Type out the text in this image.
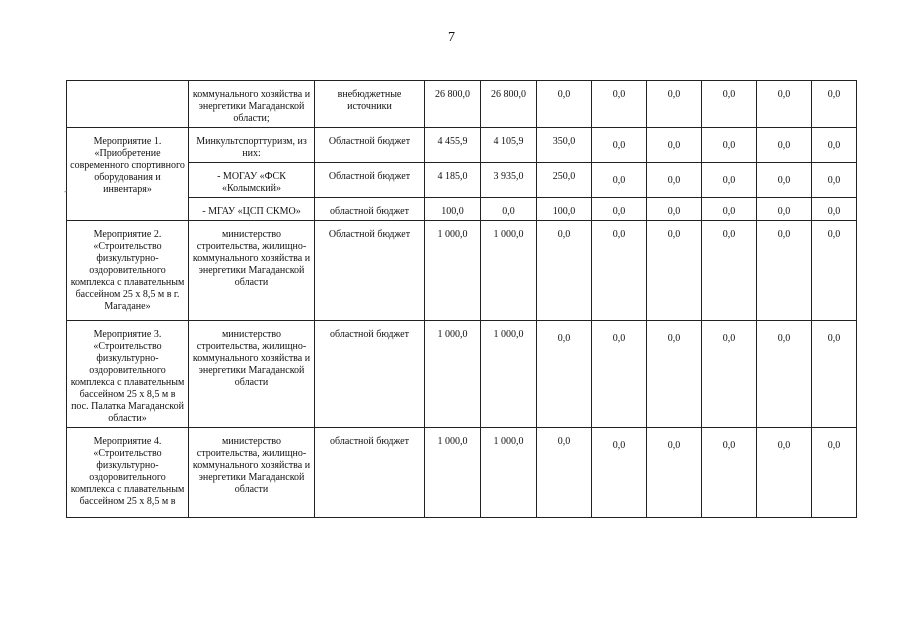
7
	коммунального хозяйства и энергетики Магаданской области;	внебюджетные источники	26 800,0	26 800,0	0,0	0,0	0,0	0,0	0,0	0,0
Мероприятие 1. «Приобретение современного спортивного оборудования и инвентаря»	Минкультспорттуризм, из них:	Областной бюджет	4 455,9	4 105,9	350,0	0,0	0,0	0,0	0,0	0,0
	- МОГАУ «ФСК «Колымский»	Областной бюджет	4 185,0	3 935,0	250,0	0,0	0,0	0,0	0,0	0,0
	- МГАУ «ЦСП СКМО»	областной бюджет	100,0	0,0	100,0	0,0	0,0	0,0	0,0	0,0
Мероприятие 2. «Строительство физкультурно-оздоровительного комплекса с плавательным бассейном 25 х 8,5 м в г. Магадане»	министерство строительства, жилищно-коммунального хозяйства и энергетики Магаданской области	Областной бюджет	1 000,0	1 000,0	0,0	0,0	0,0	0,0	0,0	0,0
Мероприятие 3. «Строительство физкультурно-оздоровительного комплекса с плавательным бассейном 25 х 8,5 м в пос. Палатка Магаданской области»	министерство строительства, жилищно-коммунального хозяйства и энергетики Магаданской области	областной бюджет	1 000,0	1 000,0	0,0	0,0	0,0	0,0	0,0	0,0
Мероприятие 4. «Строительство физкультурно-оздоровительного комплекса с плавательным бассейном 25 х 8,5 м в	министерство строительства, жилищно-коммунального хозяйства и энергетики Магаданской области	областной бюджет	1 000,0	1 000,0	0,0	0,0	0,0	0,0	0,0	0,0
-
